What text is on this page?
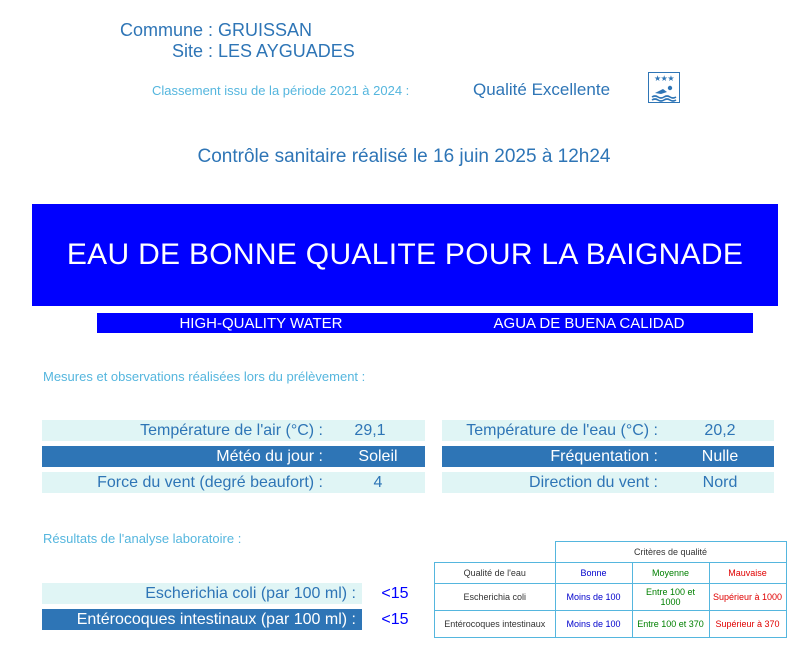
Commune : GRUISSAN
Site : LES AYGUADES
Classement issu de la période 2021 à 2024 :	Qualité Excellente
★★★
Contrôle sanitaire réalisé le 16 juin 2025 à 12h24
EAU DE BONNE QUALITE POUR LA BAIGNADE
HIGH-QUALITY WATER	AGUA DE BUENA CALIDAD
Mesures et observations réalisées lors du prélèvement :
Température de l'air (°C) :	29,1
Météo du jour :	Soleil
Force du vent (degré beaufort) :	4
Température de l'eau (°C) :	20,2
Fréquentation :	Nulle
Direction du vent :	Nord
Résultats de l'analyse laboratoire :
Escherichia coli (par 100 ml) :	<15
Entérocoques intestinaux (par 100 ml) :	<15
	Critères de qualité		
Qualité de l'eau	Bonne	Moyenne	Mauvaise
Escherichia coli	Moins de 100	Entre 100 et 1000	Supérieur à 1000
Entérocoques intestinaux	Moins de 100	Entre 100 et 370	Supérieur à 370
